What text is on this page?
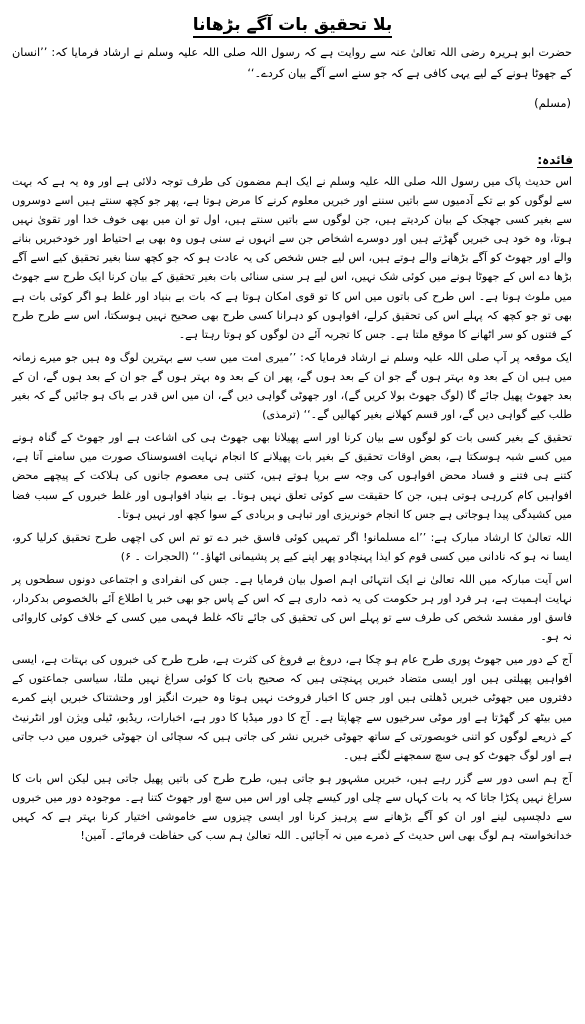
بلا تحقیق بات آگے بڑھانا
حضرت ابو ہریرہ رضی اللہ تعالیٰ عنہ سے روایت ہے کہ رسول اللہ صلی اللہ علیہ وسلم نے ارشاد فرمایا کہ: ’’انسان کے جھوٹا ہونے کے لیے یہی کافی ہے کہ جو سنے اسے آگے بیان کردے۔‘‘
(مسلم)
فائدہ:

اس حدیث پاک میں رسول اللہ صلی اللہ علیہ وسلم نے ایک اہم مضمون کی طرف توجہ دلائی ہے اور وہ یہ ہے کہ بہت سے لوگوں کو بے تکے آدمیوں سے باتیں سننے اور خبریں معلوم کرنے کا مرض ہوتا ہے، پھر جو کچھ سنتے ہیں اسے دوسروں سے بغیر کسی جھجک کے بیان کردیتے ہیں، جن لوگوں سے باتیں سنتے ہیں، اول تو ان میں بھی خوف خدا اور تقویٰ نہیں ہوتا، وہ خود ہی خبریں گھڑتے ہیں اور دوسرے اشخاص جن سے انہوں نے سنی ہوں وہ بھی بے احتیاط اور خودخبریں بنانے والے اور جھوٹ کو آگے بڑھانے والے ہوتے ہیں، اس لیے جس شخص کی یہ عادت ہو کہ جو کچھ سنا بغیر تحقیق کیے اسے آگے بڑھا دے اس کے جھوٹا ہونے میں کوئی شک نہیں، اس لیے ہر سنی سنائی بات بغیر تحقیق کے بیان کرنا ایک طرح سے جھوٹ میں ملوث ہونا ہے۔ اس طرح کی باتوں میں اس کا تو قوی امکان ہوتا ہے کہ بات بے بنیاد اور غلط ہو اگر کوئی بات ہے بھی تو جو کچھ کہ پہلے اس کی تحقیق کرلے، افواہوں کو دہرانا کسی طرح بھی صحیح نہیں ہوسکتا، اس سے طرح طرح کے فتنوں کو سر اٹھانے کا موقع ملتا ہے۔ جس کا تجربہ آئے دن لوگوں کو ہوتا رہتا ہے۔

ایک موقعہ پر آپ صلی اللہ علیہ وسلم نے ارشاد فرمایا کہ: ’’میری امت میں سب سے بہترین لوگ وہ ہیں جو میرے زمانہ میں ہیں ان کے بعد وہ بہتر ہوں گے جو ان کے بعد ہوں گے، پھر ان کے بعد وہ بہتر ہوں گے جو ان کے بعد ہوں گے، ان کے بعد جھوٹ پھیل جائے گا (لوگ جھوٹ بولا کریں گے)، اور جھوٹی گواہی دیں گے، ان میں اس قدر بے باک ہو جائیں گے کہ بغیر طلب کیے گواہی دیں گے، اور قسم کھلانے بغیر کھالیں گے۔‘‘ (ترمذی)

تحقیق کے بغیر کسی بات کو لوگوں سے بیان کرنا اور اسے پھیلانا بھی جھوٹ ہی کی اشاعت ہے اور جھوٹ کے گناہ ہونے میں کسے شبہ ہوسکتا ہے، بعض اوقات تحقیق کے بغیر بات پھیلانے کا انجام نہایت افسوسناک صورت میں سامنے آتا ہے، کتنے ہی فتنے و فساد محض افواہوں کی وجہ سے برپا ہوتے ہیں، کتنی ہی معصوم جانوں کی ہلاکت کے پیچھے محض افواہیں کام کررہی ہوتی ہیں، جن کا حقیقت سے کوئی تعلق نہیں ہوتا۔ بے بنیاد افواہوں اور غلط خبروں کے سبب فضا میں کشیدگی پیدا ہوجاتی ہے جس کا انجام خونریزی اور تباہی و بربادی کے سوا کچھ اور نہیں ہوتا۔

اللہ تعالیٰ کا ارشاد مبارک ہے: ’’اے مسلمانو! اگر تمہیں کوئی فاسق خبر دے تو تم اس کی اچھی طرح تحقیق کرلیا کرو، ایسا نہ ہو کہ نادانی میں کسی قوم کو ایذا پہنچادو پھر اپنے کیے پر پشیمانی اٹھاؤ۔‘‘ (الحجرات ۔ ۶)

اس آیت مبارکہ میں اللہ تعالیٰ نے ایک انتہائی اہم اصول بیان فرمایا ہے۔ جس کی انفرادی و اجتماعی دونوں سطحوں پر نہایت اہمیت ہے، ہر فرد اور ہر حکومت کی یہ ذمہ داری ہے کہ اس کے پاس جو بھی خبر یا اطلاع آئے بالخصوص بدکردار، فاسق اور مفسد شخص کی طرف سے تو پہلے اس کی تحقیق کی جائے تاکہ غلط فہمی میں کسی کے خلاف کوئی کاروائی نہ ہو۔

آج کے دور میں جھوٹ پوری طرح عام ہو چکا ہے، دروغ بے فروغ کی کثرت ہے، طرح طرح کی خبروں کی بہتات ہے، ایسی افواہیں پھیلتی ہیں اور ایسی متضاد خبریں پہنچتی ہیں کہ صحیح بات کا کوئی سراغ نہیں ملتا، سیاسی جماعتوں کے دفتروں میں جھوٹی خبریں ڈھلتی ہیں اور جس کا اخبار فروخت نہیں ہوتا وہ حیرت انگیز اور وحشتناک خبریں اپنے کمرے میں بیٹھ کر گھڑتا ہے اور موٹی سرخیوں سے چھاپتا ہے۔ آج کا دور میڈیا کا دور ہے، اخبارات، ریڈیو، ٹیلی ویژن اور انٹرنیٹ کے ذریعے لوگوں کو اتنی خوبصورتی کے ساتھ جھوٹی خبریں نشر کی جاتی ہیں کہ سچائی ان جھوٹی خبروں میں دب جاتی ہے اور لوگ جھوٹ کو ہی سچ سمجھنے لگتے ہیں۔

آج ہم اسی دور سے گزر رہے ہیں، خبریں مشہور ہو جاتی ہیں، طرح طرح کی باتیں پھیل جاتی ہیں لیکن اس بات کا سراغ نہیں پکڑا جاتا کہ یہ بات کہاں سے چلی اور کیسے چلی اور اس میں سچ اور جھوٹ کتنا ہے۔ موجودہ دور میں خبروں سے دلچسپی لینے اور ان کو آگے بڑھانے سے پرہیز کرنا اور ایسی چیزوں سے خاموشی اختیار کرنا بہتر ہے کہ کہیں خدانخواستہ ہم لوگ بھی اس حدیث کے ذمرے میں نہ آجائیں۔ اللہ تعالیٰ ہم سب کی حفاظت فرمائے۔ آمین!
